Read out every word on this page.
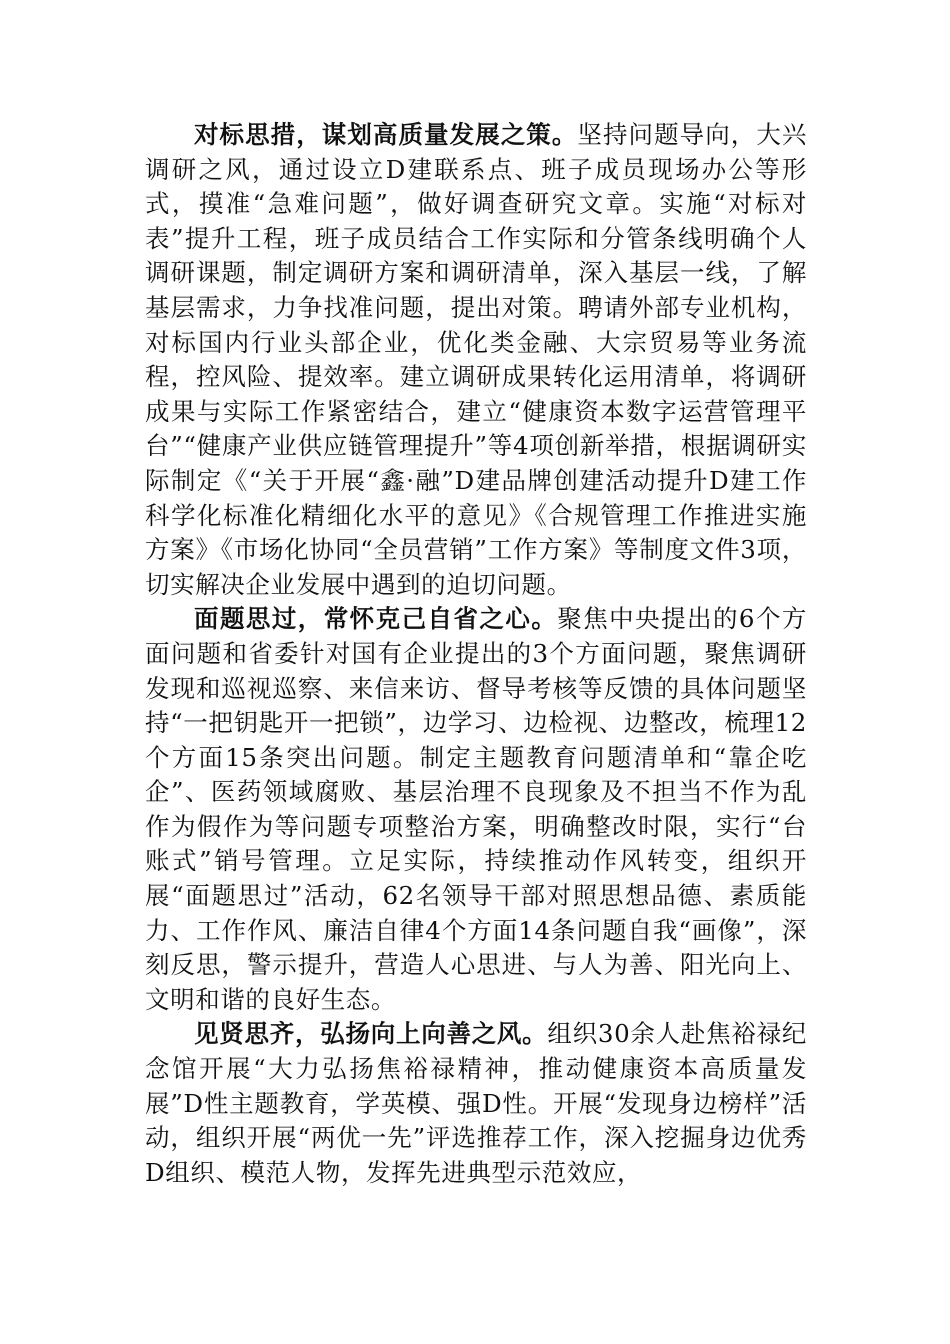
对标思措，谋划高质量发展之策。坚持问题导向，大兴调研之风，通过设立D建联系点、班子成员现场办公等形式，摸准“急难问题”，做好调查研究文章。实施“对标对表”提升工程，班子成员结合工作实际和分管条线明确个人调研课题，制定调研方案和调研清单，深入基层一线，了解基层需求，力争找准问题，提出对策。聘请外部专业机构，对标国内行业头部企业，优化类金融、大宗贸易等业务流程，控风险、提效率。建立调研成果转化运用清单，将调研成果与实际工作紧密结合，建立“健康资本数字运营管理平台”“健康产业供应链管理提升”等4项创新举措，根据调研实际制定《“关于开展“鑫·融”D建品牌创建活动提升D建工作科学化标准化精细化水平的意见》《合规管理工作推进实施方案》《市场化协同“全员营销”工作方案》等制度文件3项，切实解决企业发展中遇到的迫切问题。

面题思过，常怀克己自省之心。聚焦中央提出的6个方面问题和省委针对国有企业提出的3个方面问题，聚焦调研发现和巡视巡察、来信来访、督导考核等反馈的具体问题坚持“一把钥匙开一把锁”，边学习、边检视、边整改，梳理12个方面15条突出问题。制定主题教育问题清单和“靠企吃企”、医药领域腐败、基层治理不良现象及不担当不作为乱作为假作为等问题专项整治方案，明确整改时限，实行“台账式”销号管理。立足实际，持续推动作风转变，组织开展“面题思过”活动，62名领导干部对照思想品德、素质能力、工作作风、廉洁自律4个方面14条问题自我“画像”，深刻反思，警示提升，营造人心思进、与人为善、阳光向上、文明和谐的良好生态。

见贤思齐，弘扬向上向善之风。组织30余人赴焦裕禄纪念馆开展“大力弘扬焦裕禄精神，推动健康资本高质量发展”D性主题教育，学英模、强D性。开展“发现身边榜样”活动，组织开展“两优一先”评选推荐工作，深入挖掘身边优秀D组织、模范人物，发挥先进典型示范效应，
